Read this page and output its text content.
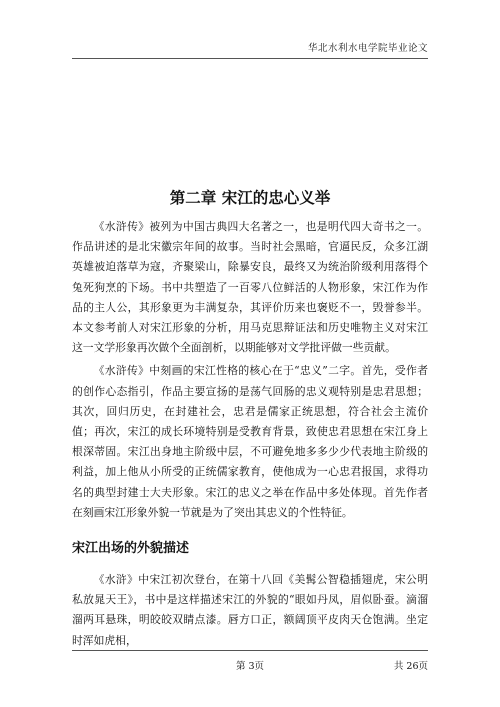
华北水利水电学院毕业论文
第二章 宋江的忠心义举

《水浒传》被列为中国古典四大名著之一，也是明代四大奇书之一。作品讲述的是北宋徽宗年间的故事。当时社会黑暗，官逼民反，众多江湖英雄被迫落草为寇，齐聚梁山，除暴安良，最终又为统治阶级利用落得个兔死狗烹的下场。书中共塑造了一百零八位鲜活的人物形象，宋江作为作品的主人公，其形象更为丰满复杂，其评价历来也褒贬不一，毁誉参半。本文参考前人对宋江形象的分析，用马克思辩证法和历史唯物主义对宋江这一文学形象再次做个全面剖析，以期能够对文学批评做一些贡献。

《水浒传》中刻画的宋江性格的核心在于“忠义”二字。首先，受作者的创作心态指引，作品主要宣扬的是荡气回肠的忠义观特别是忠君思想；其次，回归历史，在封建社会，忠君是儒家正统思想，符合社会主流价值；再次，宋江的成长环境特别是受教育背景，致使忠君思想在宋江身上根深蒂固。宋江出身地主阶级中层，不可避免地多多少少代表地主阶级的利益，加上他从小所受的正统儒家教育，使他成为一心忠君报国，求得功名的典型封建士大夫形象。宋江的忠义之举在作品中多处体现。首先作者在刻画宋江形象外貌一节就是为了突出其忠义的个性特征。

宋江出场的外貌描述

《水浒》中宋江初次登台，在第十八回《美髯公智稳插翅虎，宋公明私放晁天王》，书中是这样描述宋江的外貌的“眼如丹凤，眉似卧蚕。滴溜溜两耳悬珠，明皎皎双睛点漆。唇方口正，额阔顶平皮肉天仓饱满。坐定时浑如虎相，

第 3页	共 26页
